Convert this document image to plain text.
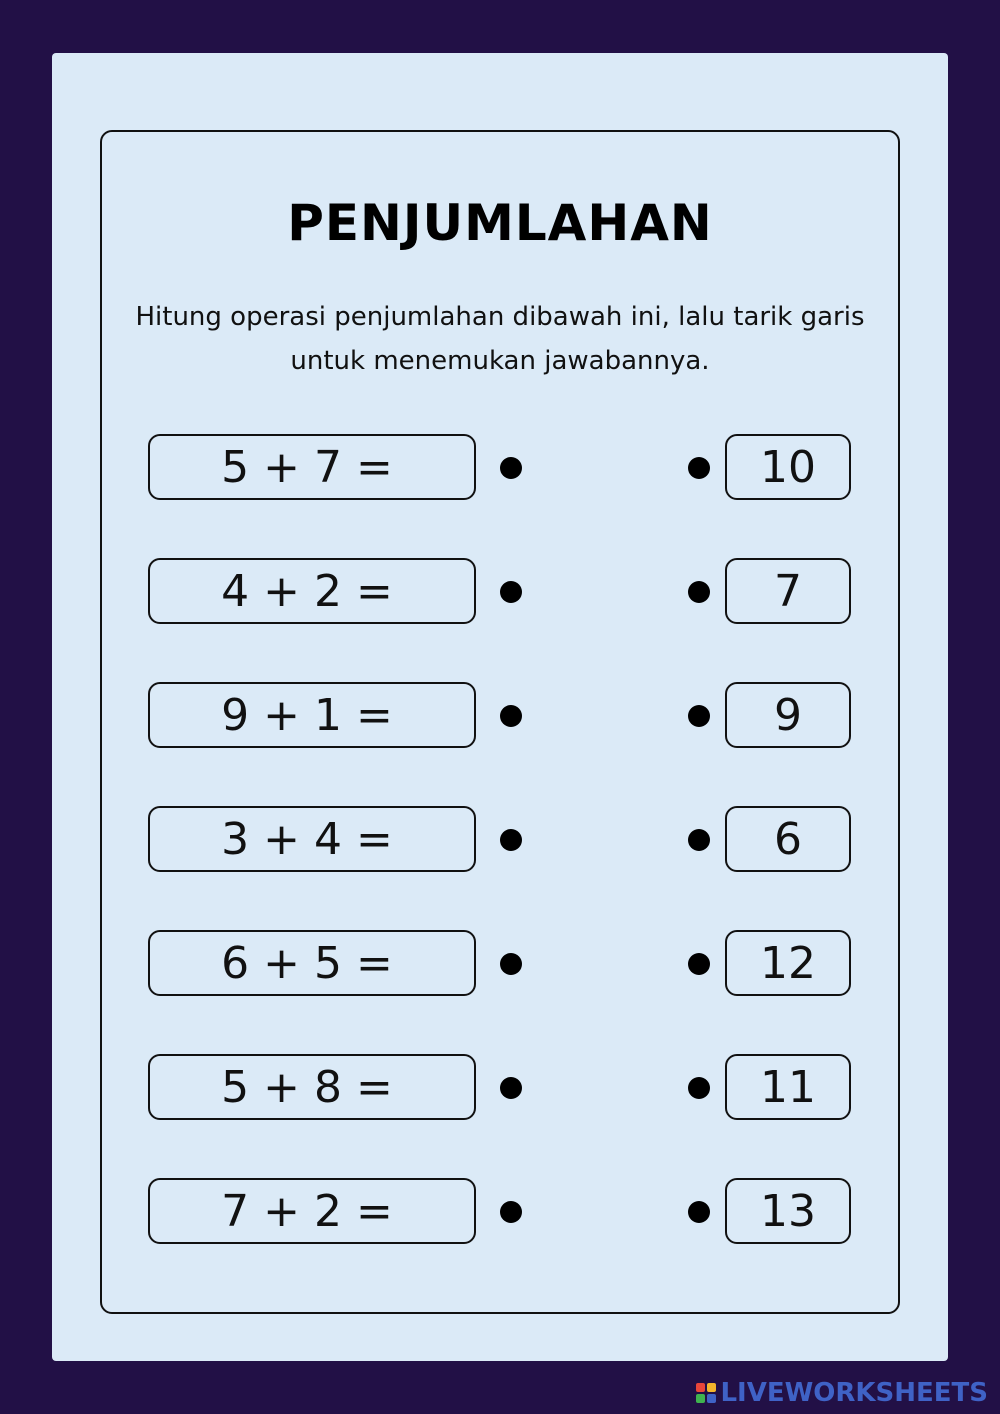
PENJUMLAHAN

Hitung operasi penjumlahan dibawah ini, lalu tarik garis untuk menemukan jawabannya.

5 + 7 =	10
4 + 2 =	7
9 + 1 =	9
3 + 4 =	6
6 + 5 =	12
5 + 8 =	11
7 + 2 =	13
LIVEWORKSHEETS
